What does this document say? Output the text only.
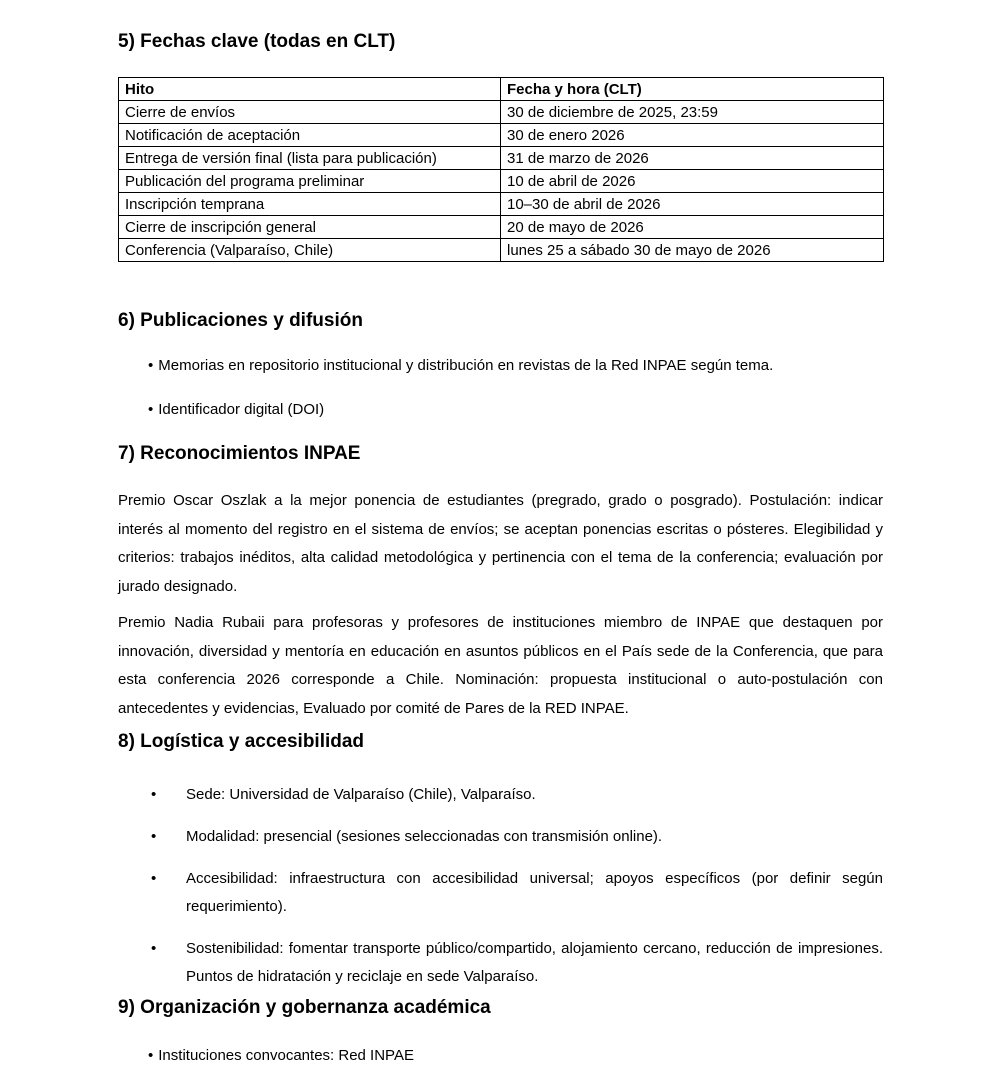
5) Fechas clave (todas en CLT)
Hito	Fecha y hora (CLT)
Cierre de envíos	30 de diciembre de 2025, 23:59
Notificación de aceptación	30 de enero 2026
Entrega de versión final (lista para publicación)	31 de marzo de 2026
Publicación del programa preliminar	10 de abril de 2026
Inscripción temprana	10–30 de abril de 2026
Cierre de inscripción general	20 de mayo de 2026
Conferencia (Valparaíso, Chile)	lunes 25 a sábado 30 de mayo de 2026
6) Publicaciones y difusión
• Memorias en repositorio institucional y distribución en revistas de la Red INPAE según tema.
• Identificador digital (DOI)
7) Reconocimientos INPAE

Premio Oscar Oszlak a la mejor ponencia de estudiantes (pregrado, grado o posgrado). Postulación: indicar interés al momento del registro en el sistema de envíos; se aceptan ponencias escritas o pósteres. Elegibilidad y criterios: trabajos inéditos, alta calidad metodológica y pertinencia con el tema de la conferencia; evaluación por jurado designado.

Premio Nadia Rubaii para profesoras y profesores de instituciones miembro de INPAE que destaquen por innovación, diversidad y mentoría en educación en asuntos públicos en el País sede de la Conferencia, que para esta conferencia 2026 corresponde a Chile. Nominación: propuesta institucional o auto-postulación con antecedentes y evidencias, Evaluado por comité de Pares de la RED INPAE.

8) Logística y accesibilidad
• Sede: Universidad de Valparaíso (Chile), Valparaíso.
• Modalidad: presencial (sesiones seleccionadas con transmisión online).
• Accesibilidad: infraestructura con accesibilidad universal; apoyos específicos (por definir según requerimiento).
• Sostenibilidad: fomentar transporte público/compartido, alojamiento cercano, reducción de impresiones. Puntos de hidratación y reciclaje en sede Valparaíso.
9) Organización y gobernanza académica
• Instituciones convocantes: Red INPAE
